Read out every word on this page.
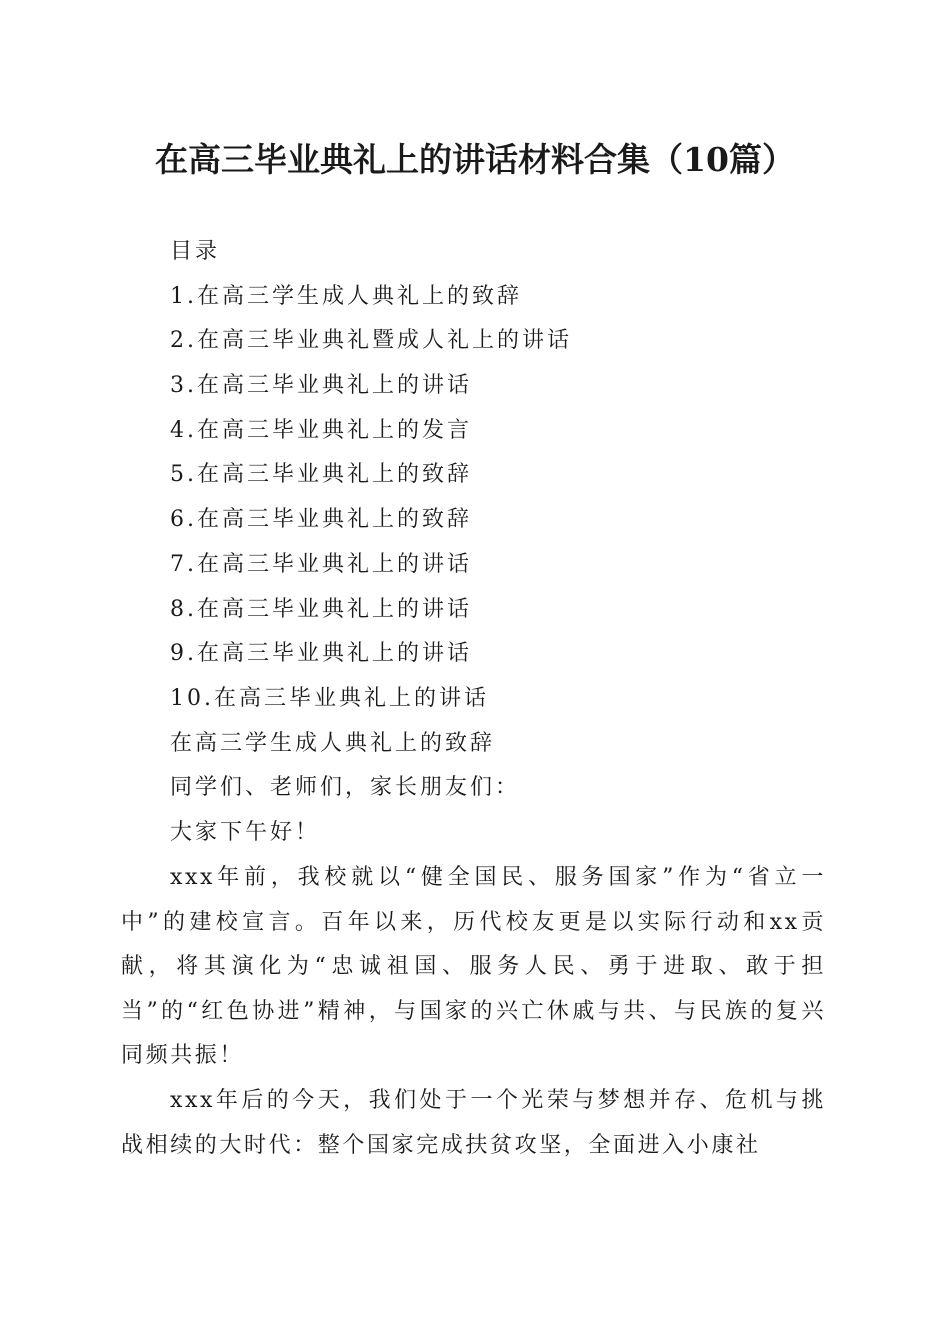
在高三毕业典礼上的讲话材料合集（10篇）
目录
1.在高三学生成人典礼上的致辞
2.在高三毕业典礼暨成人礼上的讲话
3.在高三毕业典礼上的讲话
4.在高三毕业典礼上的发言
5.在高三毕业典礼上的致辞
6.在高三毕业典礼上的致辞
7.在高三毕业典礼上的讲话
8.在高三毕业典礼上的讲话
9.在高三毕业典礼上的讲话
10.在高三毕业典礼上的讲话
在高三学生成人典礼上的致辞
同学们、老师们，家长朋友们：
大家下午好！

xxx年前，我校就以“健全国民、服务国家”作为“省立一中”的建校宣言。百年以来，历代校友更是以实际行动和xx贡献，将其演化为“忠诚祖国、服务人民、勇于进取、敢于担当”的“红色协进”精神，与国家的兴亡休戚与共、与民族的复兴同频共振！

xxx年后的今天，我们处于一个光荣与梦想并存、危机与挑战相续的大时代：整个国家完成扶贫攻坚，全面进入小康社
